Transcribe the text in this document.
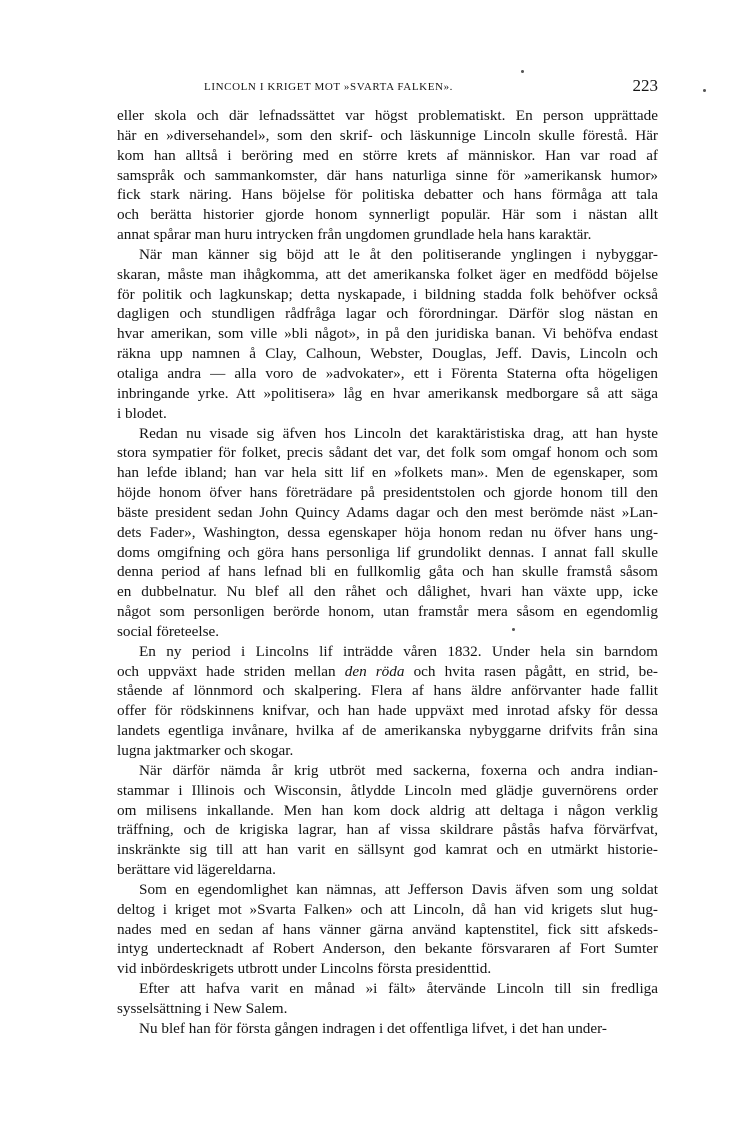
LINCOLN I KRIGET MOT »SVARTA FALKEN».	223
eller skola och där lefnadssättet var högst problematiskt. En person upprättade
här en »diversehandel», som den skrif- och läskunnige Lincoln skulle förestå. Här
kom han alltså i beröring med en större krets af människor. Han var road af
samspråk och sammankomster, där hans naturliga sinne för »amerikansk humor»
fick stark näring. Hans böjelse för politiska debatter och hans förmåga att tala
och berätta historier gjorde honom synnerligt populär. Här som i nästan allt
annat spårar man huru intrycken från ungdomen grundlade hela hans karaktär.
När man känner sig böjd att le åt den politiserande ynglingen i nybyggar-
skaran, måste man ihågkomma, att det amerikanska folket äger en medfödd böjelse
för politik och lagkunskap; detta nyskapade, i bildning stadda folk behöfver också
dagligen och stundligen rådfråga lagar och förordningar. Därför slog nästan en
hvar amerikan, som ville »bli något», in på den juridiska banan. Vi behöfva endast
räkna upp namnen å Clay, Calhoun, Webster, Douglas, Jeff. Davis, Lincoln och
otaliga andra — alla voro de »advokater», ett i Förenta Staterna ofta högeligen
inbringande yrke. Att »politisera» låg en hvar amerikansk medborgare så att säga
i blodet.
Redan nu visade sig äfven hos Lincoln det karaktäristiska drag, att han hyste
stora sympatier för folket, precis sådant det var, det folk som omgaf honom och som
han lefde ibland; han var hela sitt lif en »folkets man». Men de egenskaper, som
höjde honom öfver hans företrädare på presidentstolen och gjorde honom till den
bäste president sedan John Quincy Adams dagar och den mest berömde näst »Lan-
dets Fader», Washington, dessa egenskaper höja honom redan nu öfver hans ung-
doms omgifning och göra hans personliga lif grundolikt dennas. I annat fall skulle
denna period af hans lefnad bli en fullkomlig gåta och han skulle framstå såsom
en dubbelnatur. Nu blef all den råhet och dålighet, hvari han växte upp, icke
något som personligen berörde honom, utan framstår mera såsom en egendomlig
social företeelse.
En ny period i Lincolns lif inträdde våren 1832. Under hela sin barndom
och uppväxt hade striden mellan den röda och hvita rasen pågått, en strid, be-
stående af lönnmord och skalpering. Flera af hans äldre anförvanter hade fallit
offer för rödskinnens knifvar, och han hade uppväxt med inrotad afsky för dessa
landets egentliga invånare, hvilka af de amerikanska nybyggarne drifvits från sina
lugna jaktmarker och skogar.
När därför nämda år krig utbröt med sackerna, foxerna och andra indian-
stammar i Illinois och Wisconsin, åtlydde Lincoln med glädje guvernörens order
om milisens inkallande. Men han kom dock aldrig att deltaga i någon verklig
träffning, och de krigiska lagrar, han af vissa skildrare påstås hafva förvärfvat,
inskränkte sig till att han varit en sällsynt god kamrat och en utmärkt historie-
berättare vid lägereldarna.
Som en egendomlighet kan nämnas, att Jefferson Davis äfven som ung soldat
deltog i kriget mot »Svarta Falken» och att Lincoln, då han vid krigets slut hug-
nades med en sedan af hans vänner gärna använd kaptenstitel, fick sitt afskeds-
intyg undertecknadt af Robert Anderson, den bekante försvararen af Fort Sumter
vid inbördeskrigets utbrott under Lincolns första presidenttid.
Efter att hafva varit en månad »i fält» återvände Lincoln till sin fredliga
sysselsättning i New Salem.
Nu blef han för första gången indragen i det offentliga lifvet, i det han under-
